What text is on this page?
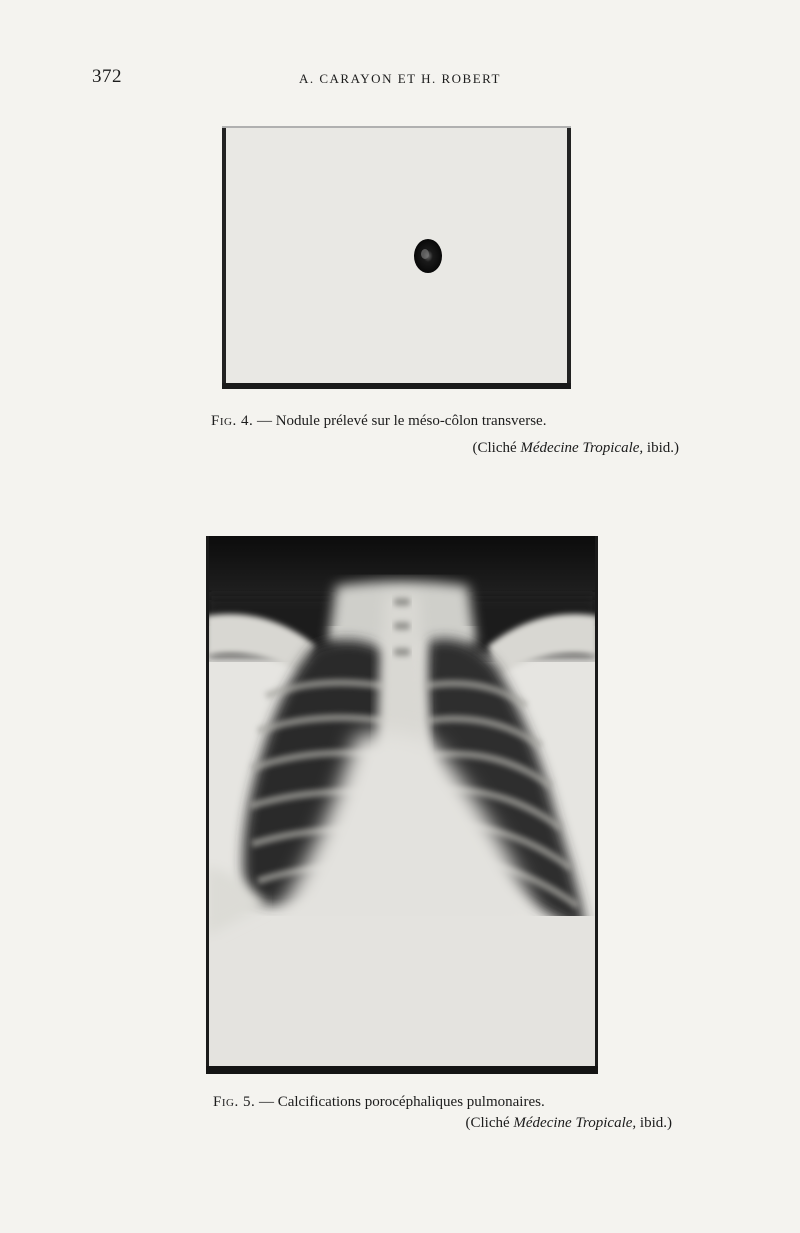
372	A. CARAYON ET H. ROBERT
Fig. 4. — Nodule prélevé sur le méso-côlon transverse.
(Cliché Médecine Tropicale, ibid.)
Fig. 5. — Calcifications porocéphaliques pulmonaires.
(Cliché Médecine Tropicale, ibid.)
